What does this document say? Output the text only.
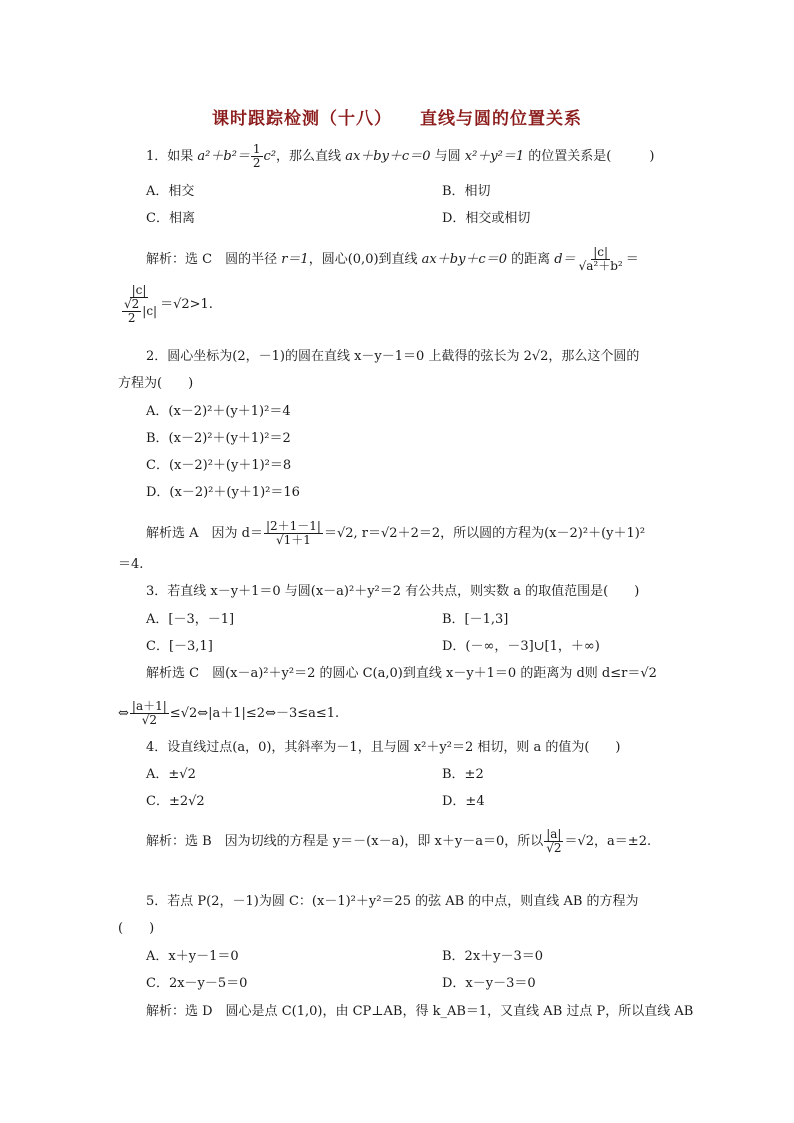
课时跟踪检测（十八） 直线与圆的位置关系
1．如果 $a^2+b^2= \frac{1}{2} c^2$，那么直线 ax＋by＋c＝0 与圆 x²＋y²＝1 的位置关系是(	)
A．相交	B．相切
C．相离	D．相交或相切
解析：选 C　圆的半径 r＝1，圆心(0,0)到直线 ax＋by＋c＝0 的距离 $d= \frac{|c|}{\text{√a²＋b²}}$ ＝
$\frac{|c|}{\frac{√2}{2} |c|} =√2>1$.
2．圆心坐标为(2，－1)的圆在直线 x－y－1＝0 上截得的弦长为 2√2，那么这个圆的
方程为(　　)
A．(x－2)²＋(y＋1)²＝4
B．(x－2)²＋(y＋1)²＝2
C．(x－2)²＋(y＋1)²＝8
D．(x－2)²＋(y＋1)²＝16
解析选 A　因为 $d= \frac{|2+1-1|}{√1+1} =√2$, r＝√2＋2＝2，所以圆的方程为(x－2)²＋(y＋1)²
＝4.
3．若直线 x－y＋1＝0 与圆(x－a)²＋y²＝2 有公共点，则实数 a 的取值范围是(　　)
A．[－3，－1]	B．[－1,3]
C．[－3,1]	D．(－∞，－3]∪[1，＋∞)
解析选 C　圆(x－a)²＋y²＝2 的圆心 C(a,0)到直线 x－y＋1＝0 的距离为 d则 d≤r＝√2
⇔ $\frac{|a+1|}{√2}$ ≤√2⇔|a＋1|≤2⇔－3≤a≤1.
4．设直线过点(a，0)，其斜率为－1，且与圆 x²＋y²＝2 相切，则 a 的值为(　　)
A．±√2	B．±2
C．±2√2	D．±4
解析：选 B　因为切线的方程是 y＝－(x－a)，即 x＋y－a＝0，所以 $\frac{|a|}{√2} =√2$，a＝±2.
5．若点 P(2，－1)为圆 C：(x－1)²＋y²＝25 的弦 AB 的中点，则直线 AB 的方程为
(　　)
A．x＋y－1＝0	B．2x＋y－3＝0
C．2x－y－5＝0	D．x－y－3＝0
解析：选 D　圆心是点 C(1,0)，由 CP⊥AB，得 k_AB＝1，又直线 AB 过点 P，所以直线 AB
